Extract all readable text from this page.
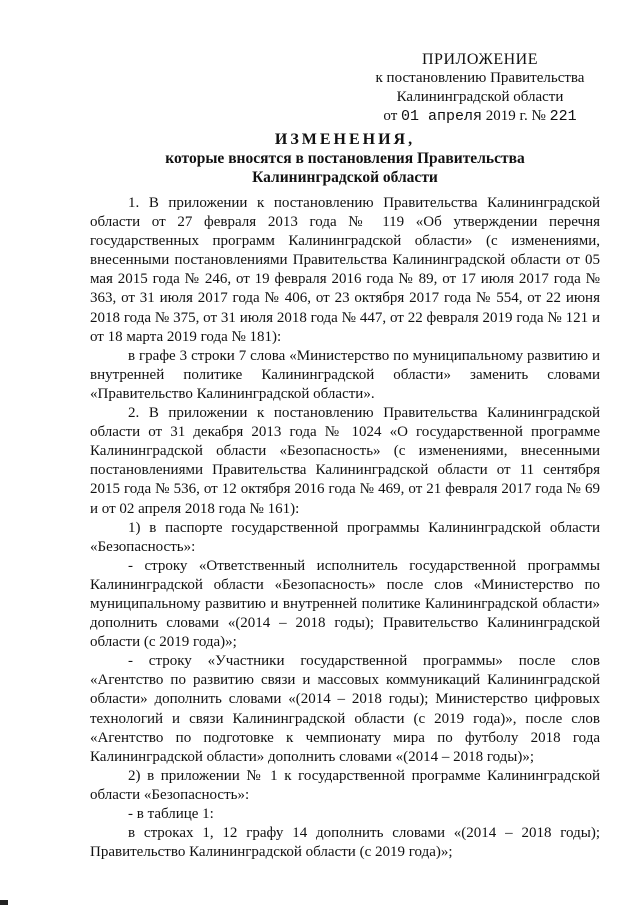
ПРИЛОЖЕНИЕ
к постановлению Правительства
Калининградской области
от 01 апреля 2019 г. № 221
ИЗМЕНЕНИЯ,
которые вносятся в постановления Правительства
Калининградской области

1. В приложении к постановлению Правительства Калининградской области от 27 февраля 2013 года № 119 «Об утверждении перечня государственных программ Калининградской области» (с изменениями, внесенными постановлениями Правительства Калининградской области от 05 мая 2015 года № 246, от 19 февраля 2016 года № 89, от 17 июля 2017 года № 363, от 31 июля 2017 года № 406, от 23 октября 2017 года № 554, от 22 июня 2018 года № 375, от 31 июля 2018 года № 447, от 22 февраля 2019 года № 121 и от 18 марта 2019 года № 181):

в графе 3 строки 7 слова «Министерство по муниципальному развитию и внутренней политике Калининградской области» заменить словами «Правительство Калининградской области».

2. В приложении к постановлению Правительства Калининградской области от 31 декабря 2013 года № 1024 «О государственной программе Калининградской области «Безопасность» (с изменениями, внесенными постановлениями Правительства Калининградской области от 11 сентября 2015 года № 536, от 12 октября 2016 года № 469, от 21 февраля 2017 года № 69 и от 02 апреля 2018 года № 161):

1) в паспорте государственной программы Калининградской области «Безопасность»:

- строку «Ответственный исполнитель государственной программы Калининградской области «Безопасность» после слов «Министерство по муниципальному развитию и внутренней политике Калининградской области» дополнить словами «(2014 – 2018 годы); Правительство Калининградской области (с 2019 года)»;

- строку «Участники государственной программы» после слов «Агентство по развитию связи и массовых коммуникаций Калининградской области» дополнить словами «(2014 – 2018 годы); Министерство цифровых технологий и связи Калининградской области (с 2019 года)», после слов «Агентство по подготовке к чемпионату мира по футболу 2018 года Калининградской области» дополнить словами «(2014 – 2018 годы)»;

2) в приложении № 1 к государственной программе Калининградской области «Безопасность»:

- в таблице 1:

в строках 1, 12 графу 14 дополнить словами «(2014 – 2018 годы); Правительство Калининградской области (с 2019 года)»;
